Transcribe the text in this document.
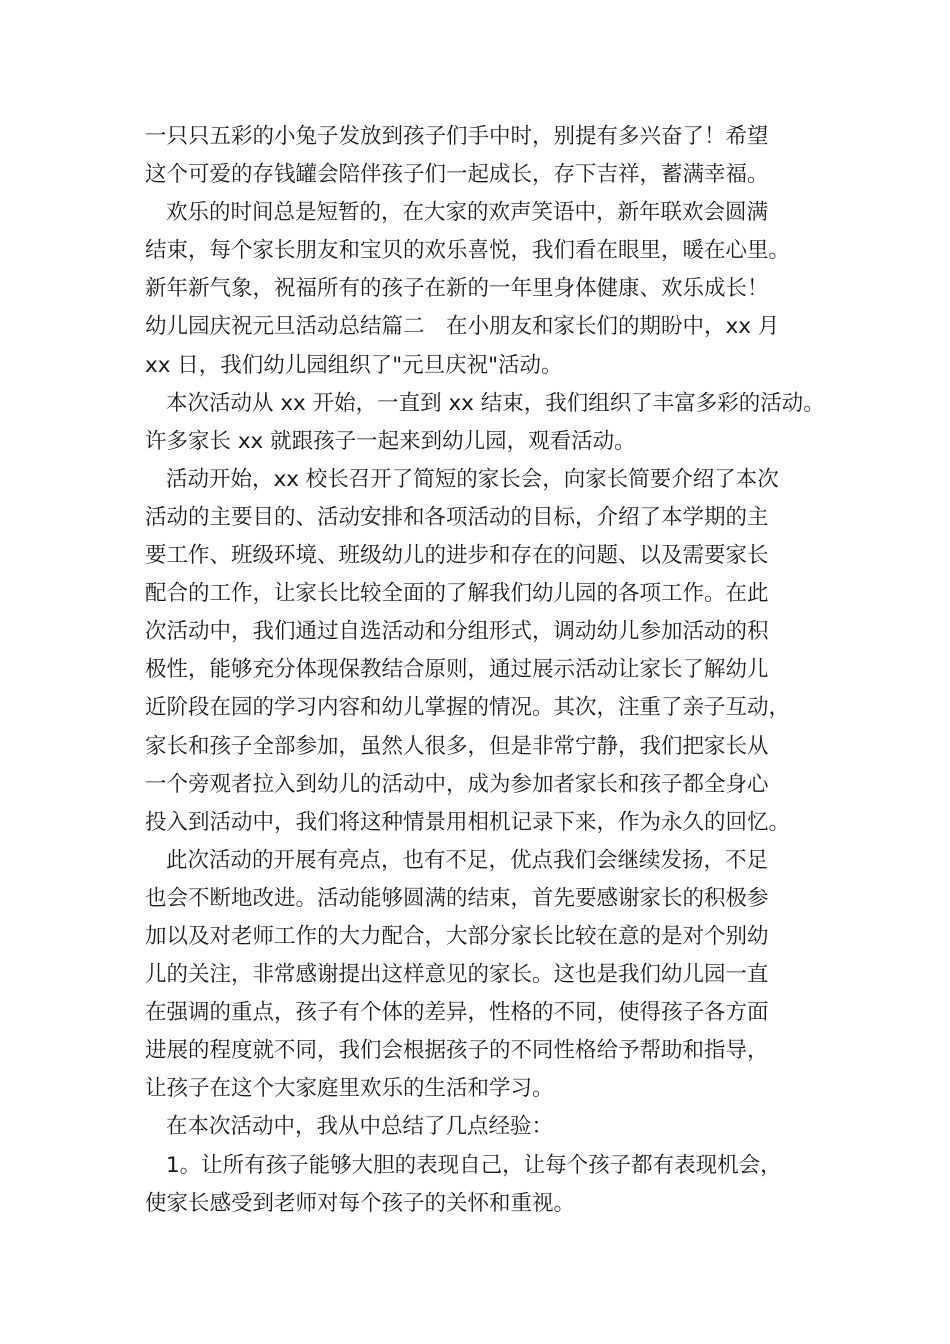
一只只五彩的小兔子发放到孩子们手中时，别提有多兴奋了！希望
这个可爱的存钱罐会陪伴孩子们一起成长，存下吉祥，蓄满幸福。
欢乐的时间总是短暂的，在大家的欢声笑语中，新年联欢会圆满
结束，每个家长朋友和宝贝的欢乐喜悦，我们看在眼里，暖在心里。
新年新气象，祝福所有的孩子在新的一年里身体健康、欢乐成长！
幼儿园庆祝元旦活动总结篇二　在小朋友和家长们的期盼中，xx 月
xx 日，我们幼儿园组织了"元旦庆祝"活动。
本次活动从 xx 开始，一直到 xx 结束，我们组织了丰富多彩的活动。
许多家长 xx 就跟孩子一起来到幼儿园，观看活动。
活动开始，xx 校长召开了简短的家长会，向家长简要介绍了本次
活动的主要目的、活动安排和各项活动的目标，介绍了本学期的主
要工作、班级环境、班级幼儿的进步和存在的问题、以及需要家长
配合的工作，让家长比较全面的了解我们幼儿园的各项工作。在此
次活动中，我们通过自选活动和分组形式，调动幼儿参加活动的积
极性，能够充分体现保教结合原则，通过展示活动让家长了解幼儿
近阶段在园的学习内容和幼儿掌握的情况。其次，注重了亲子互动，
家长和孩子全部参加，虽然人很多，但是非常宁静，我们把家长从
一个旁观者拉入到幼儿的活动中，成为参加者家长和孩子都全身心
投入到活动中，我们将这种情景用相机记录下来，作为永久的回忆。
此次活动的开展有亮点，也有不足，优点我们会继续发扬，不足
也会不断地改进。活动能够圆满的结束，首先要感谢家长的积极参
加以及对老师工作的大力配合，大部分家长比较在意的是对个别幼
儿的关注，非常感谢提出这样意见的家长。这也是我们幼儿园一直
在强调的重点，孩子有个体的差异，性格的不同，使得孩子各方面
进展的程度就不同，我们会根据孩子的不同性格给予帮助和指导，
让孩子在这个大家庭里欢乐的生活和学习。
在本次活动中，我从中总结了几点经验：
1。让所有孩子能够大胆的表现自己，让每个孩子都有表现机会，
使家长感受到老师对每个孩子的关怀和重视。
